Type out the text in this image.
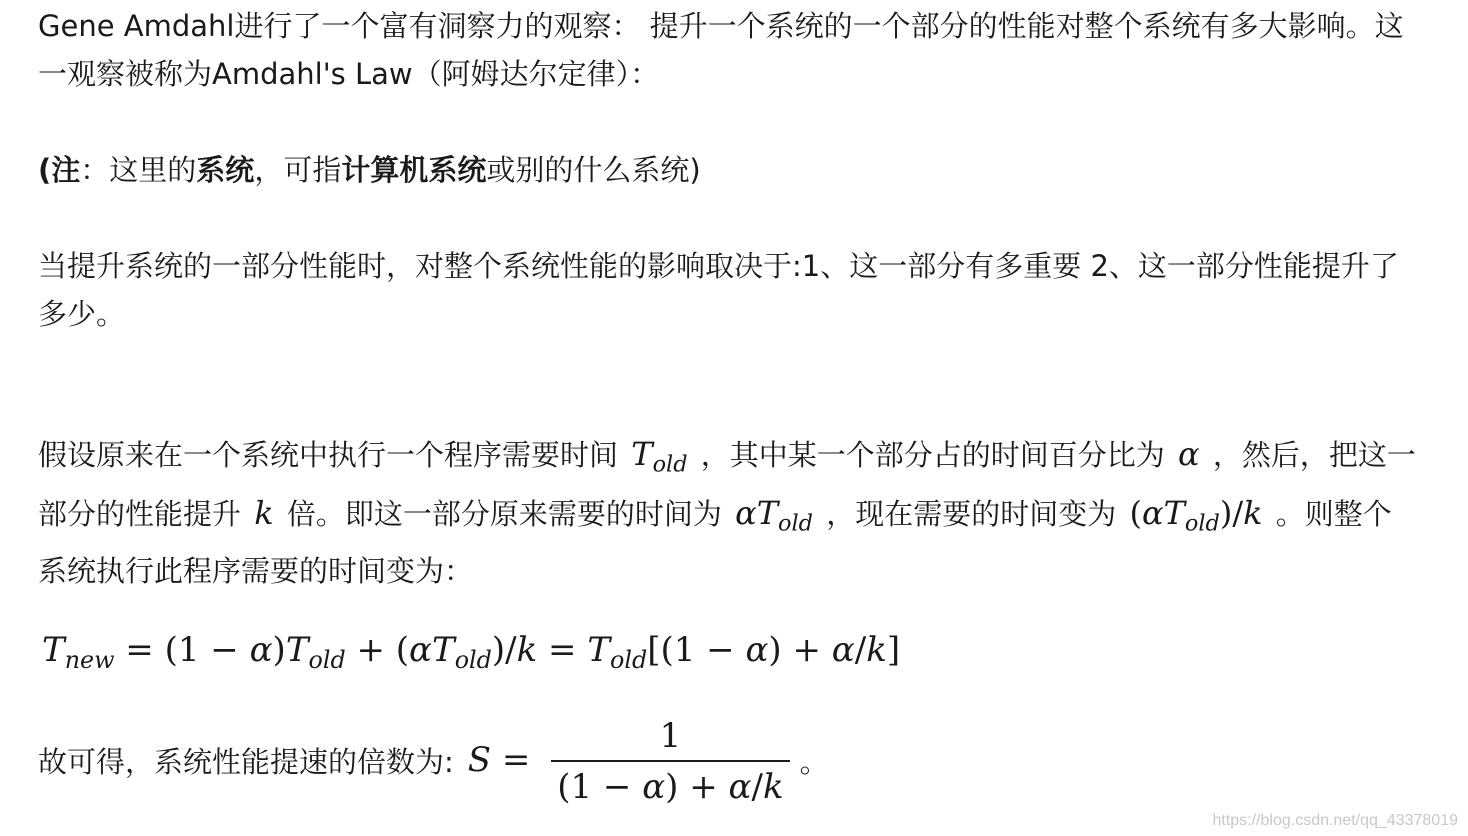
Gene Amdahl进行了一个富有洞察力的观察： 提升一个系统的一个部分的性能对整个系统有多大影响。这一观察被称为Amdahl's Law（阿姆达尔定律）：

(注：这里的系统，可指计算机系统或别的什么系统)

当提升系统的一部分性能时，对整个系统性能的影响取决于:1、这一部分有多重要 2、这一部分性能提升了多少。

假设原来在一个系统中执行一个程序需要时间 $T_{old}$ ，其中某一个部分占的时间百分比为 α ，然后，把这一部分的性能提升 k 倍。即这一部分原来需要的时间为 $\alpha T_{old}$ ，现在需要的时间变为 $(\alpha T_{old})/k$ 。则整个系统执行此程序需要的时间变为：

$T_{new} = (1 - \alpha)T_{old} + (\alpha T_{old})/k = T_{old}[(1 - \alpha) + \alpha/k]$
故可得，系统性能提速的倍数为: $S = \frac{1}{(1 - \alpha) + \alpha/k}$ 。
https://blog.csdn.net/qq_43378019
